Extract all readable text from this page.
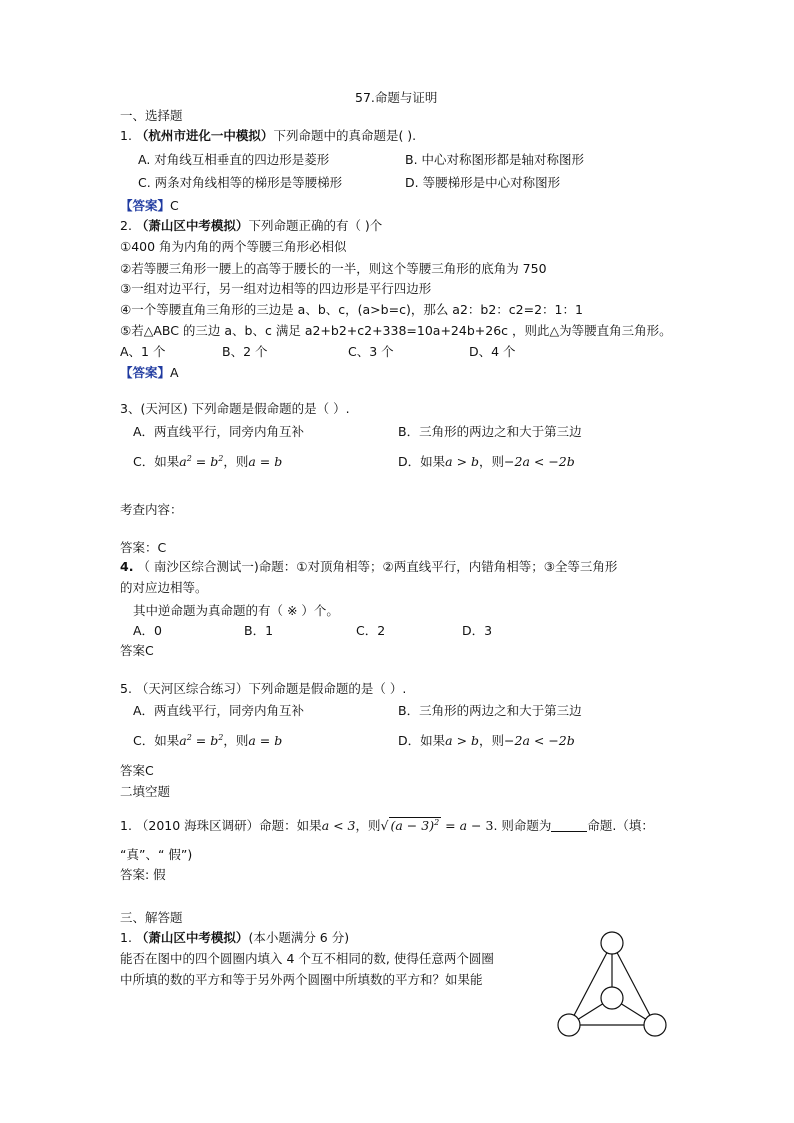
57.命题与证明
一、选择题
1. （杭州市进化一中模拟）下列命题中的真命题是( ).
A. 对角线互相垂直的四边形是菱形	B. 中心对称图形都是轴对称图形
C. 两条对角线相等的梯形是等腰梯形	D. 等腰梯形是中心对称图形
【答案】C
2. （萧山区中考模拟）下列命题正确的有（ )个
①400 角为内角的两个等腰三角形必相似
②若等腰三角形一腰上的高等于腰长的一半，则这个等腰三角形的底角为 750
③一组对边平行，另一组对边相等的四边形是平行四边形
④一个等腰直角三角形的三边是 a、b、c，(a>b=c)，那么 a2：b2：c2=2：1：1
⑤若△ABC 的三边 a、b、c 满足 a2+b2+c2+338=10a+24b+26c ，则此△为等腰直角三角形。
A、1 个	B、2 个	C、3 个	D、4 个
【答案】A
3、(天河区) 下列命题是假命题的是（ ）.
A．两直线平行，同旁内角互补	B．三角形的两边之和大于第三边
C．如果$a^2 = b^2$，则a = b	D．如果a > b，则−2a < −2b
考查内容：
答案：C
4. （ 南沙区综合测试一)命题：①对顶角相等；②两直线平行，内错角相等；③全等三角形
的对应边相等。
其中逆命题为真命题的有（ ※ ）个。
A．0	B．1	C．2	D．3
答案C
5. （天河区综合练习）下列命题是假命题的是（ ）.
A．两直线平行，同旁内角互补	B．三角形的两边之和大于第三边
C．如果$a^2 = b^2$，则a = b	D．如果a > b，则−2a < −2b
答案C
二填空题
1. （2010 海珠区调研）命题：如果a < 3，则√ $(a - 3)^2 = a - 3$. 则命题为	命题.（填：
“真”、“ 假”)
答案: 假
三、解答题
1. （萧山区中考模拟）(本小题满分 6 分)
能否在图中的四个圆圈内填入 4 个互不相同的数, 使得任意两个圆圈
中所填的数的平方和等于另外两个圆圈中所填数的平方和？如果能
